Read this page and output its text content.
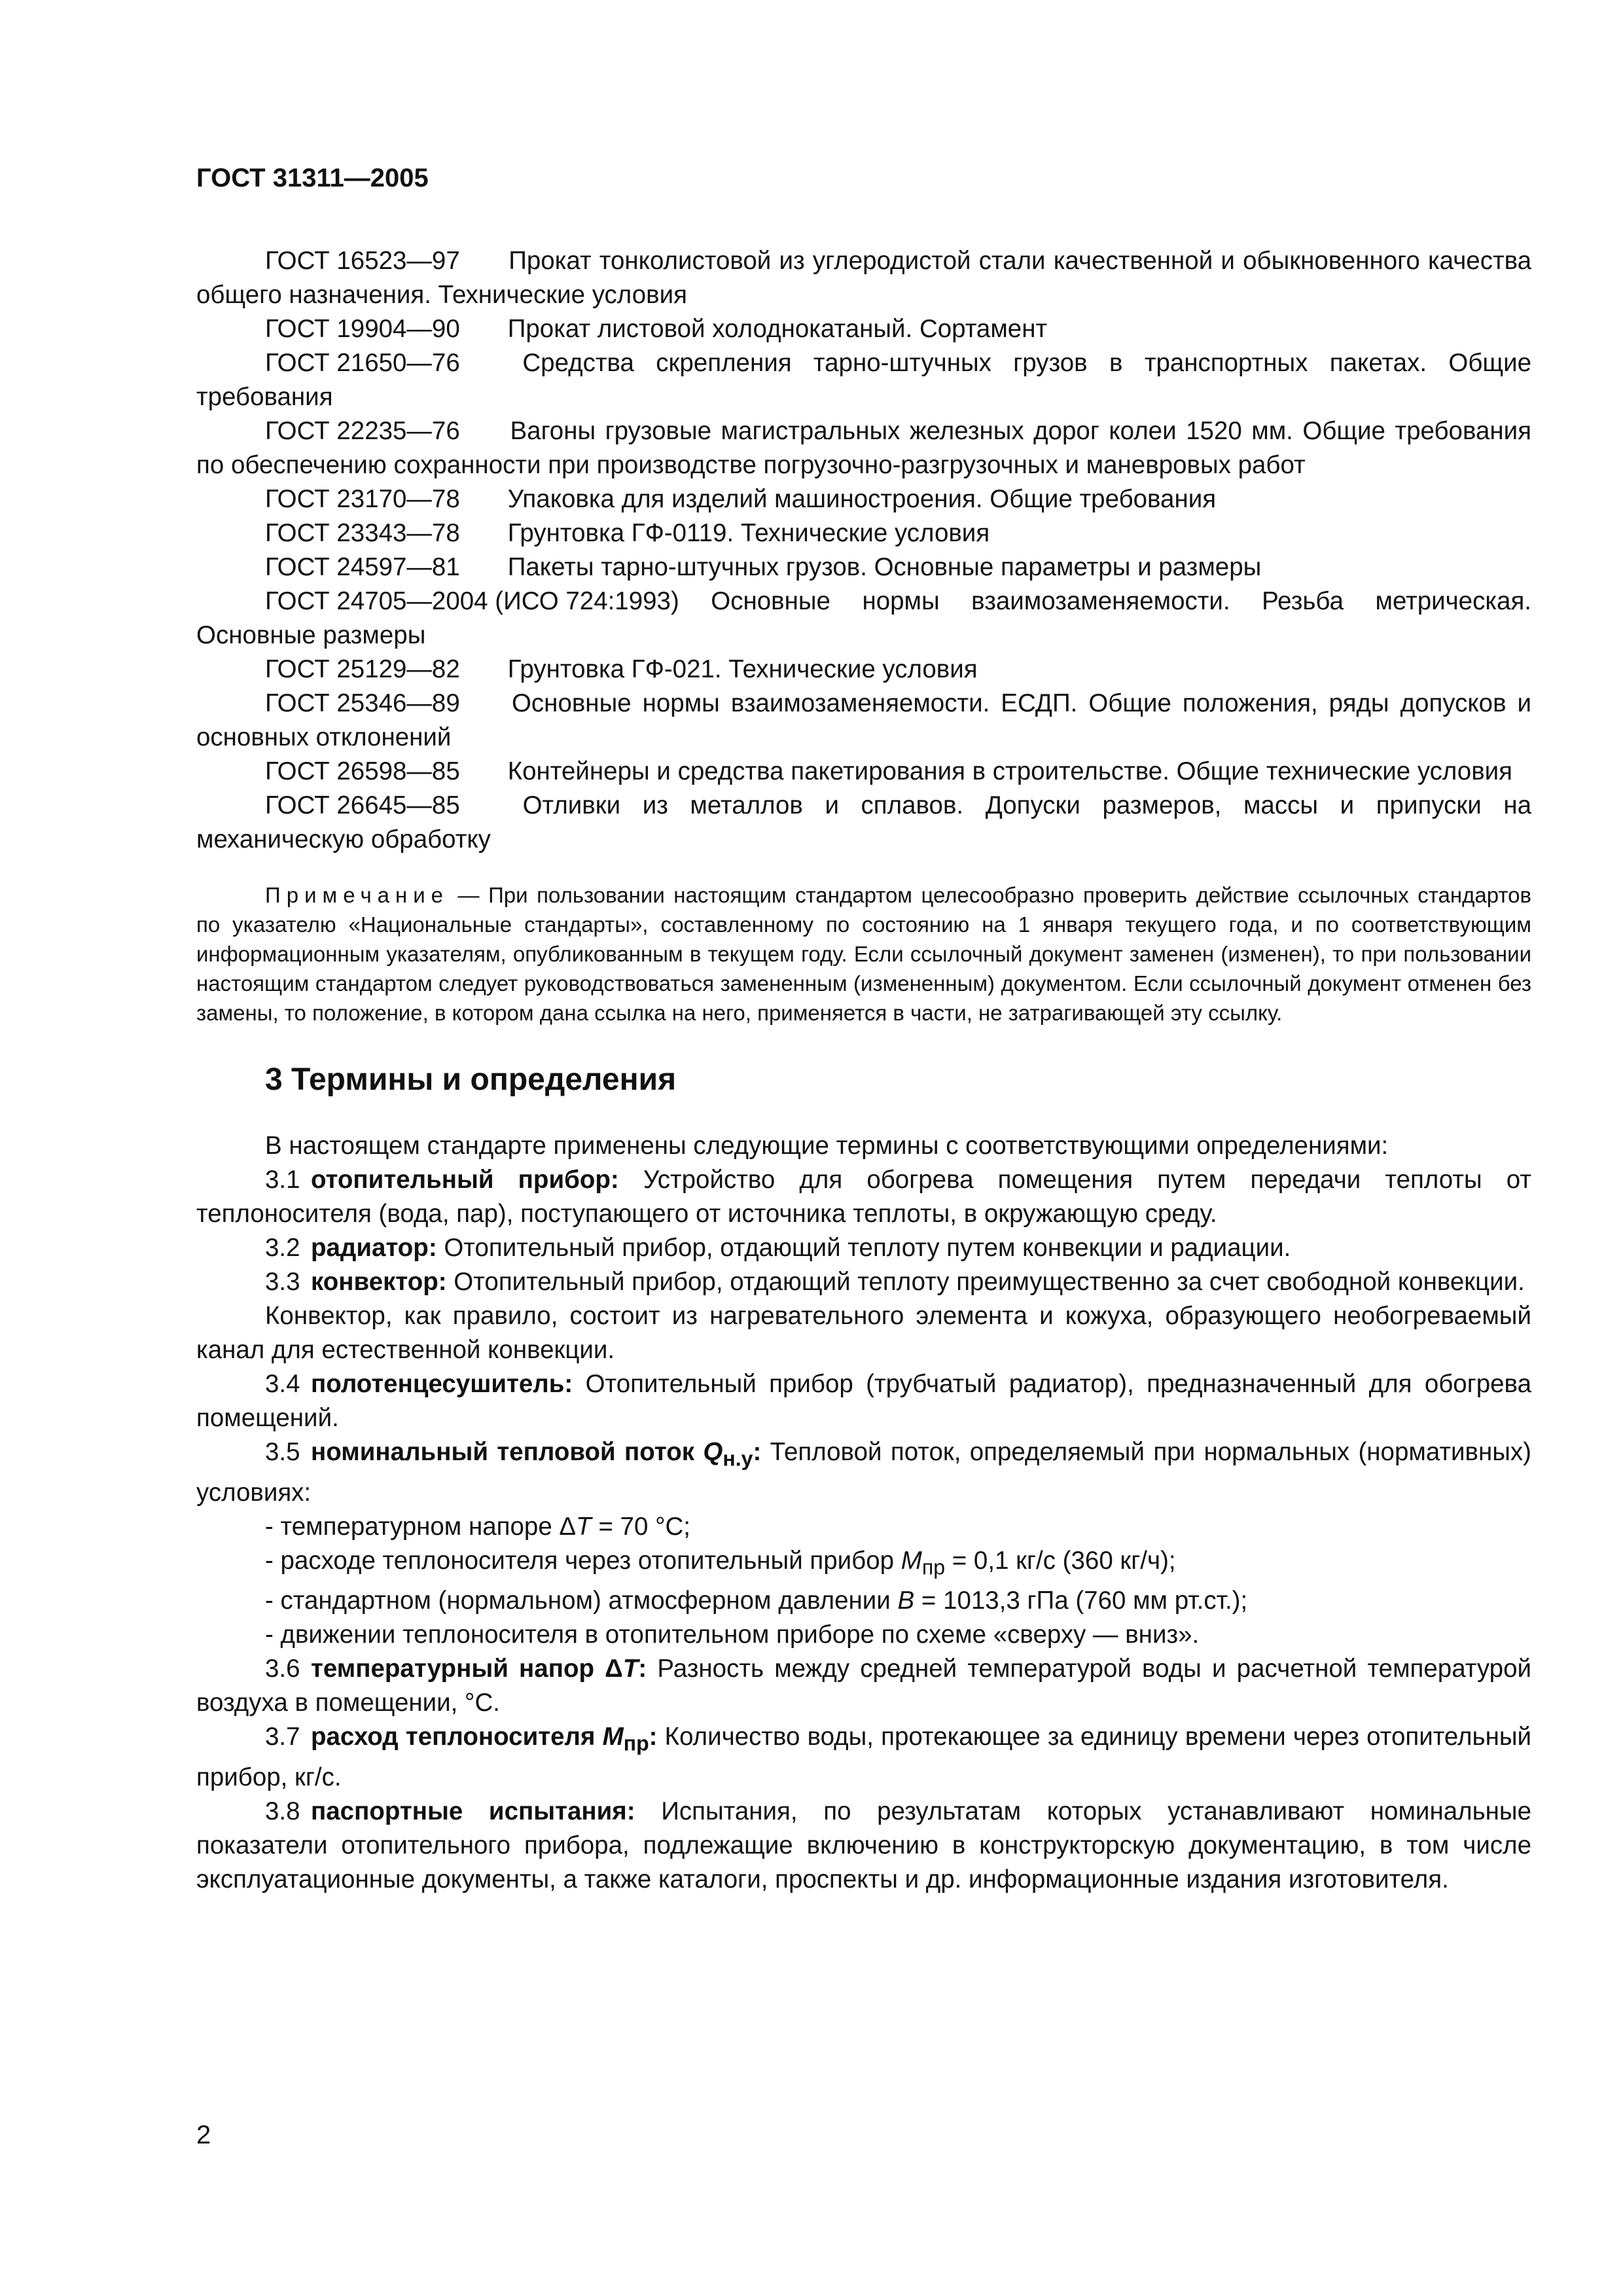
ГОСТ 31311—2005

ГОСТ 16523—97 Прокат тонколистовой из углеродистой стали качественной и обыкновенного качества общего назначения. Технические условия

ГОСТ 19904—90 Прокат листовой холоднокатаный. Сортамент

ГОСТ 21650—76 Средства скрепления тарно-штучных грузов в транспортных пакетах. Общие требования

ГОСТ 22235—76 Вагоны грузовые магистральных железных дорог колеи 1520 мм. Общие требования по обеспечению сохранности при производстве погрузочно-разгрузочных и маневровых работ

ГОСТ 23170—78 Упаковка для изделий машиностроения. Общие требования

ГОСТ 23343—78 Грунтовка ГФ-0119. Технические условия

ГОСТ 24597—81 Пакеты тарно-штучных грузов. Основные параметры и размеры

ГОСТ 24705—2004 (ИСО 724:1993) Основные нормы взаимозаменяемости. Резьба метрическая. Основные размеры

ГОСТ 25129—82 Грунтовка ГФ-021. Технические условия

ГОСТ 25346—89 Основные нормы взаимозаменяемости. ЕСДП. Общие положения, ряды допусков и основных отклонений

ГОСТ 26598—85 Контейнеры и средства пакетирования в строительстве. Общие технические условия

ГОСТ 26645—85 Отливки из металлов и сплавов. Допуски размеров, массы и припуски на механическую обработку

Примечание — При пользовании настоящим стандартом целесообразно проверить действие ссылочных стандартов по указателю «Национальные стандарты», составленному по состоянию на 1 января текущего года, и по соответствующим информационным указателям, опубликованным в текущем году. Если ссылочный документ заменен (изменен), то при пользовании настоящим стандартом следует руководствоваться замененным (измененным) документом. Если ссылочный документ отменен без замены, то положение, в котором дана ссылка на него, применяется в части, не затрагивающей эту ссылку.

3 Термины и определения

В настоящем стандарте применены следующие термины с соответствующими определениями:

3.1 отопительный прибор: Устройство для обогрева помещения путем передачи теплоты от теплоносителя (вода, пар), поступающего от источника теплоты, в окружающую среду.

3.2 радиатор: Отопительный прибор, отдающий теплоту путем конвекции и радиации.

3.3 конвектор: Отопительный прибор, отдающий теплоту преимущественно за счет свободной конвекции.

Конвектор, как правило, состоит из нагревательного элемента и кожуха, образующего необогреваемый канал для естественной конвекции.

3.4 полотенцесушитель: Отопительный прибор (трубчатый радиатор), предназначенный для обогрева помещений.

3.5 номинальный тепловой поток $Q_{н.у}$: Тепловой поток, определяемый при нормальных (нормативных) условиях:

- температурном напоре ΔT = 70 °С;

- расходе теплоносителя через отопительный прибор $M_{пр} = 0,1$ кг/с (360 кг/ч);

- стандартном (нормальном) атмосферном давлении B = 1013,3 гПа (760 мм рт.ст.);

- движении теплоносителя в отопительном приборе по схеме «сверху — вниз».

3.6 температурный напор ΔT: Разность между средней температурой воды и расчетной температурой воздуха в помещении, °С.

3.7 расход теплоносителя $M_{пр}$: Количество воды, протекающее за единицу времени через отопительный прибор, кг/с.

3.8 паспортные испытания: Испытания, по результатам которых устанавливают номинальные показатели отопительного прибора, подлежащие включению в конструкторскую документацию, в том числе эксплуатационные документы, а также каталоги, проспекты и др. информационные издания изготовителя.

2
